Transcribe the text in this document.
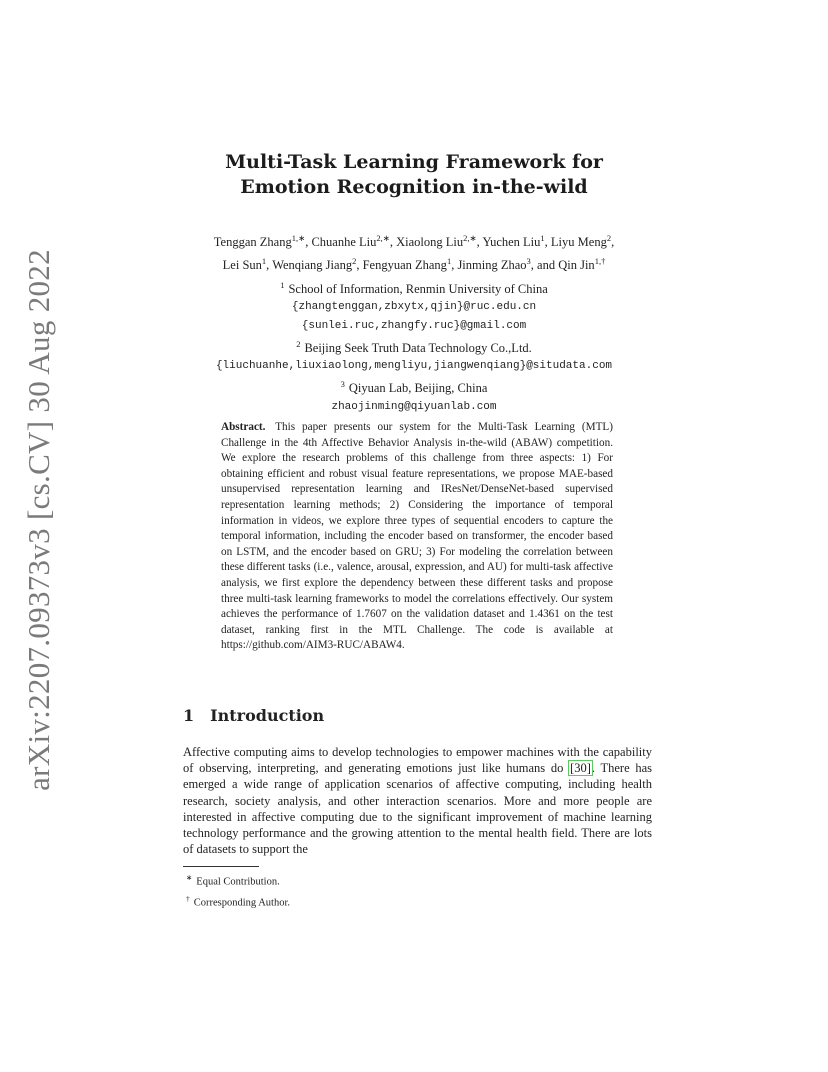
arXiv:2207.09373v3 [cs.CV] 30 Aug 2022
Multi-Task Learning Framework for
Emotion Recognition in-the-wild
Tenggan Zhang$^{1,∗}$, Chuanhe Liu$^{2,∗}$, Xiaolong Liu$^{2,∗}$, Yuchen Liu$^1$, Liyu Meng$^2$,
Lei Sun$^1$, Wenqiang Jiang$^2$, Fengyuan Zhang$^1$, Jinming Zhao$^3$, and Qin Jin$^{1,\dagger}$
$^1$ School of Information, Renmin University of China
{zhangtenggan,zbxytx,qjin}@ruc.edu.cn
{sunlei.ruc,zhangfy.ruc}@gmail.com
$^2$ Beijing Seek Truth Data Technology Co.,Ltd.
{liuchuanhe,liuxiaolong,mengliyu,jiangwenqiang}@situdata.com
$^3$ Qiyuan Lab, Beijing, China
zhaojinming@qiyuanlab.com
Abstract. This paper presents our system for the Multi-Task Learning (MTL) Challenge in the 4th Affective Behavior Analysis in-the-wild (ABAW) competition. We explore the research problems of this challenge from three aspects: 1) For obtaining efficient and robust visual feature representations, we propose MAE-based unsupervised representation learning and IResNet/DenseNet-based supervised representation learning methods; 2) Considering the importance of temporal information in videos, we explore three types of sequential encoders to capture the temporal information, including the encoder based on transformer, the encoder based on LSTM, and the encoder based on GRU; 3) For modeling the correlation between these different tasks (i.e., valence, arousal, expression, and AU) for multi-task affective analysis, we first explore the dependency between these different tasks and propose three multi-task learning frameworks to model the correlations effectively. Our system achieves the performance of 1.7607 on the validation dataset and 1.4361 on the test dataset, ranking first in the MTL Challenge. The code is available at https://github.com/AIM3-RUC/ABAW4.
1 Introduction
Affective computing aims to develop technologies to empower machines with the capability of observing, interpreting, and generating emotions just like humans do [30]. There has emerged a wide range of application scenarios of affective computing, including health research, society analysis, and other interaction scenarios. More and more people are interested in affective computing due to the significant improvement of machine learning technology performance and the growing attention to the mental health field. There are lots of datasets to support the
∗ Equal Contribution.
† Corresponding Author.
